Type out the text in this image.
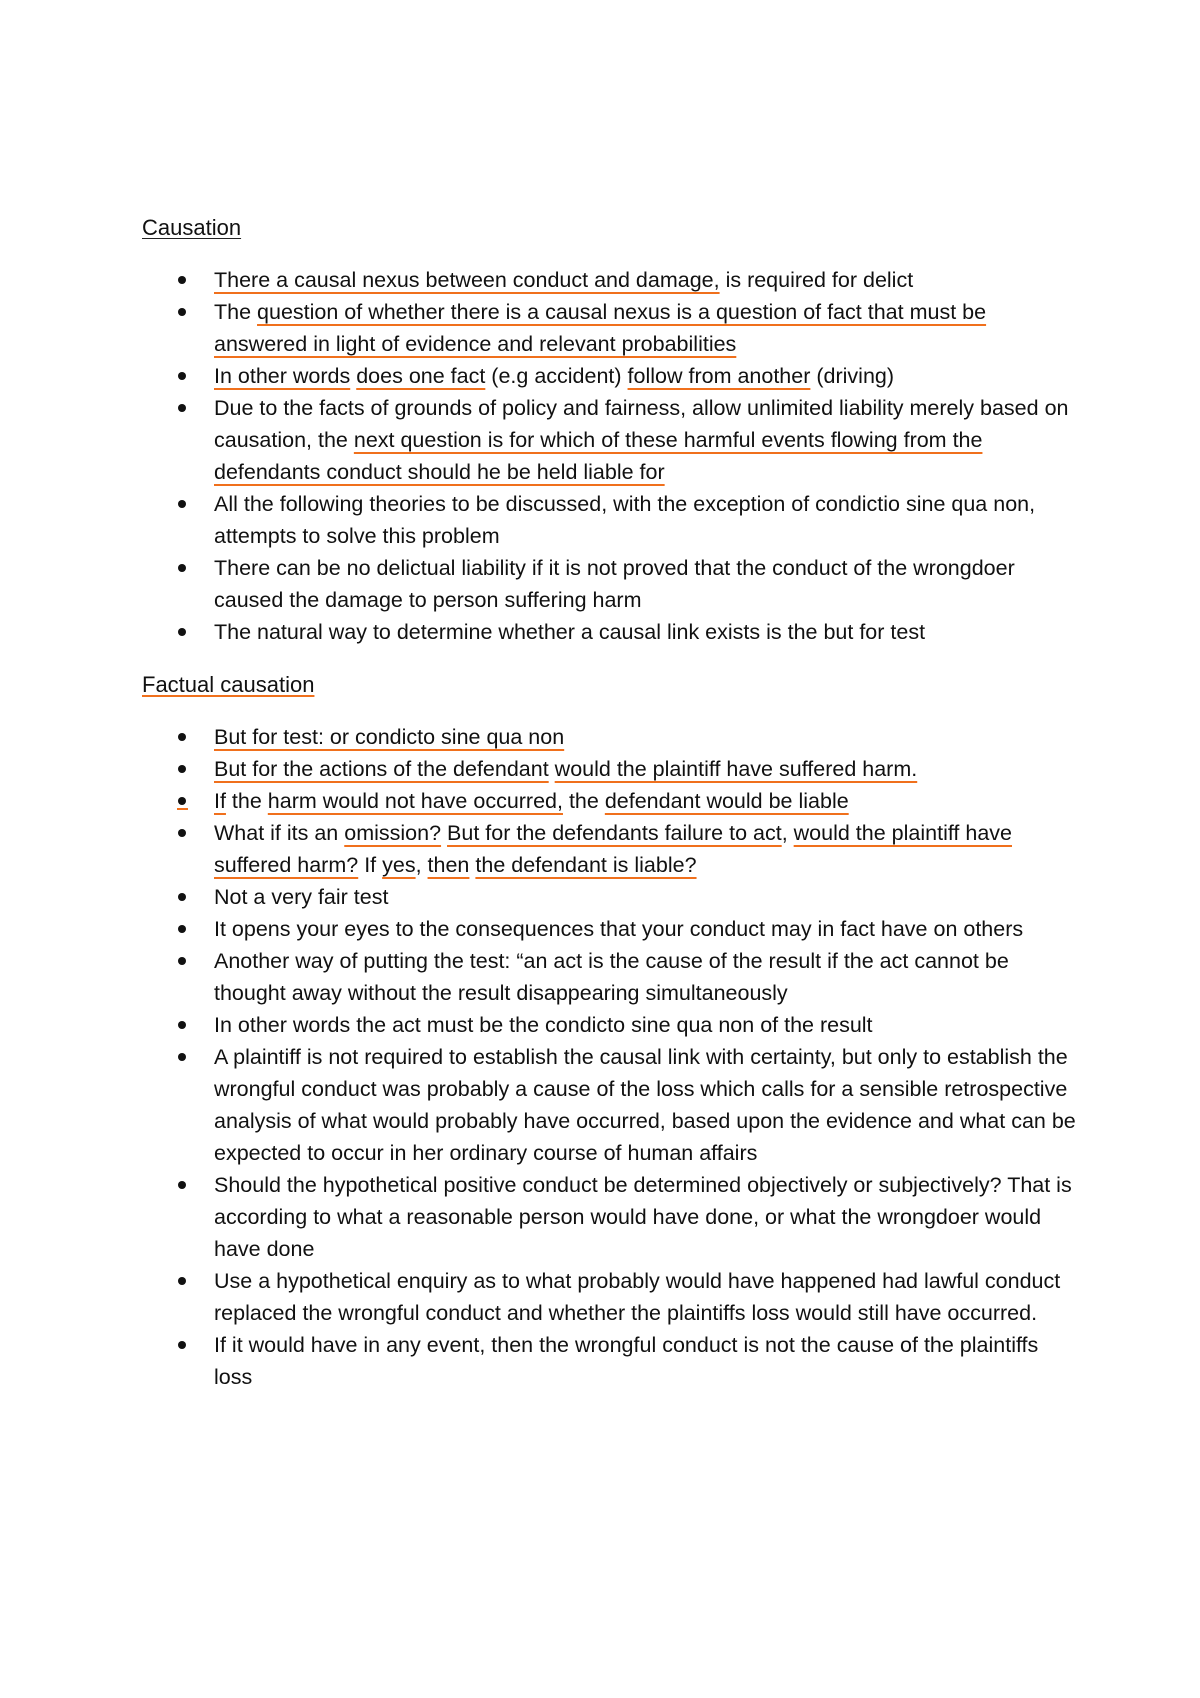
Causation

There a causal nexus between conduct and damage, is required for delict
The question of whether there is a causal nexus is a question of fact that must be answered in light of evidence and relevant probabilities
In other words does one fact (e.g accident) follow from another (driving)
Due to the facts of grounds of policy and fairness, allow unlimited liability merely based on causation, the next question is for which of these harmful events flowing from the defendants conduct should he be held liable for
All the following theories to be discussed, with the exception of condictio sine qua non, attempts to solve this problem
There can be no delictual liability if it is not proved that the conduct of the wrongdoer caused the damage to person suffering harm
The natural way to determine whether a causal link exists is the but for test

Factual causation

But for test: or condicto sine qua non
But for the actions of the defendant would the plaintiff have suffered harm.
If the harm would not have occurred, the defendant would be liable
What if its an omission? But for the defendants failure to act, would the plaintiff have suffered harm? If yes, then the defendant is liable?
Not a very fair test
It opens your eyes to the consequences that your conduct may in fact have on others
Another way of putting the test: “an act is the cause of the result if the act cannot be thought away without the result disappearing simultaneously
In other words the act must be the condicto sine qua non of the result
A plaintiff is not required to establish the causal link with certainty, but only to establish the wrongful conduct was probably a cause of the loss which calls for a sensible retrospective analysis of what would probably have occurred, based upon the evidence and what can be expected to occur in her ordinary course of human affairs
Should the hypothetical positive conduct be determined objectively or subjectively? That is according to what a reasonable person would have done, or what the wrongdoer would have done
Use a hypothetical enquiry as to what probably would have happened had lawful conduct replaced the wrongful conduct and whether the plaintiffs loss would still have occurred.
If it would have in any event, then the wrongful conduct is not the cause of the plaintiffs loss
